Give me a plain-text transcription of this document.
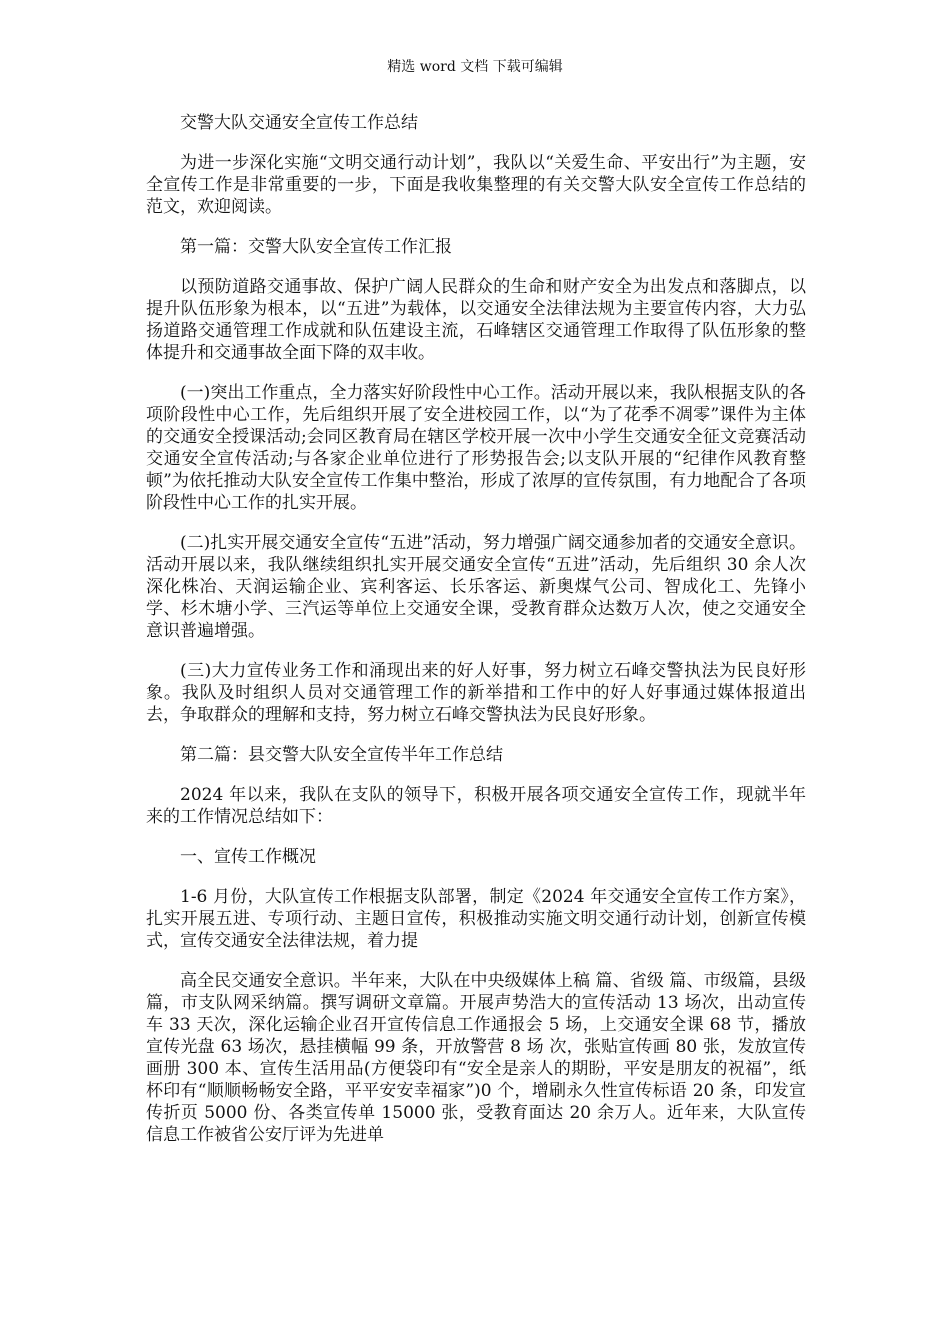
精选 word 文档 下载可编辑

交警大队交通安全宣传工作总结

为进一步深化实施“文明交通行动计划”，我队以“关爱生命、平安出行”为主题，安全宣传工作是非常重要的一步，下面是我收集整理的有关交警大队安全宣传工作总结的范文，欢迎阅读。

第一篇：交警大队安全宣传工作汇报

以预防道路交通事故、保护广阔人民群众的生命和财产安全为出发点和落脚点，以提升队伍形象为根本，以“五进”为载体，以交通安全法律法规为主要宣传内容，大力弘扬道路交通管理工作成就和队伍建设主流，石峰辖区交通管理工作取得了队伍形象的整体提升和交通事故全面下降的双丰收。

(一)突出工作重点，全力落实好阶段性中心工作。活动开展以来，我队根据支队的各项阶段性中心工作，先后组织开展了安全进校园工作，以“为了花季不凋零”课件为主体的交通安全授课活动;会同区教育局在辖区学校开展一次中小学生交通安全征文竞赛活动交通安全宣传活动;与各家企业单位进行了形势报告会;以支队开展的“纪律作风教育整顿”为依托推动大队安全宣传工作集中整治，形成了浓厚的宣传氛围，有力地配合了各项阶段性中心工作的扎实开展。

(二)扎实开展交通安全宣传“五进”活动，努力增强广阔交通参加者的交通安全意识。活动开展以来，我队继续组织扎实开展交通安全宣传“五进”活动，先后组织 30 余人次深化株冶、天润运输企业、宾利客运、长乐客运、新奥煤气公司、智成化工、先锋小学、杉木塘小学、三汽运等单位上交通安全课，受教育群众达数万人次，使之交通安全意识普遍增强。

(三)大力宣传业务工作和涌现出来的好人好事，努力树立石峰交警执法为民良好形象。我队及时组织人员对交通管理工作的新举措和工作中的好人好事通过媒体报道出去，争取群众的理解和支持，努力树立石峰交警执法为民良好形象。

第二篇：县交警大队安全宣传半年工作总结

2024 年以来，我队在支队的领导下，积极开展各项交通安全宣传工作，现就半年来的工作情况总结如下：

一、宣传工作概况

1-6 月份，大队宣传工作根据支队部署，制定《2024 年交通安全宣传工作方案》，扎实开展五进、专项行动、主题日宣传，积极推动实施文明交通行动计划，创新宣传模式，宣传交通安全法律法规，着力提

高全民交通安全意识。半年来，大队在中央级媒体上稿 篇、省级 篇、市级篇，县级 篇，市支队网采纳篇。撰写调研文章篇。开展声势浩大的宣传活动 13 场次，出动宣传车 33 天次，深化运输企业召开宣传信息工作通报会 5 场，上交通安全课 68 节，播放宣传光盘 63 场次，悬挂横幅 99 条，开放警营 8 场 次，张贴宣传画 80 张，发放宣传画册 300 本、宣传生活用品(方便袋印有“安全是亲人的期盼，平安是朋友的祝福”，纸杯印有“顺顺畅畅安全路，平平安安幸福家”)0 个，增刷永久性宣传标语 20 条，印发宣传折页 5000 份、各类宣传单 15000 张，受教育面达 20 余万人。近年来，大队宣传信息工作被省公安厅评为先进单
